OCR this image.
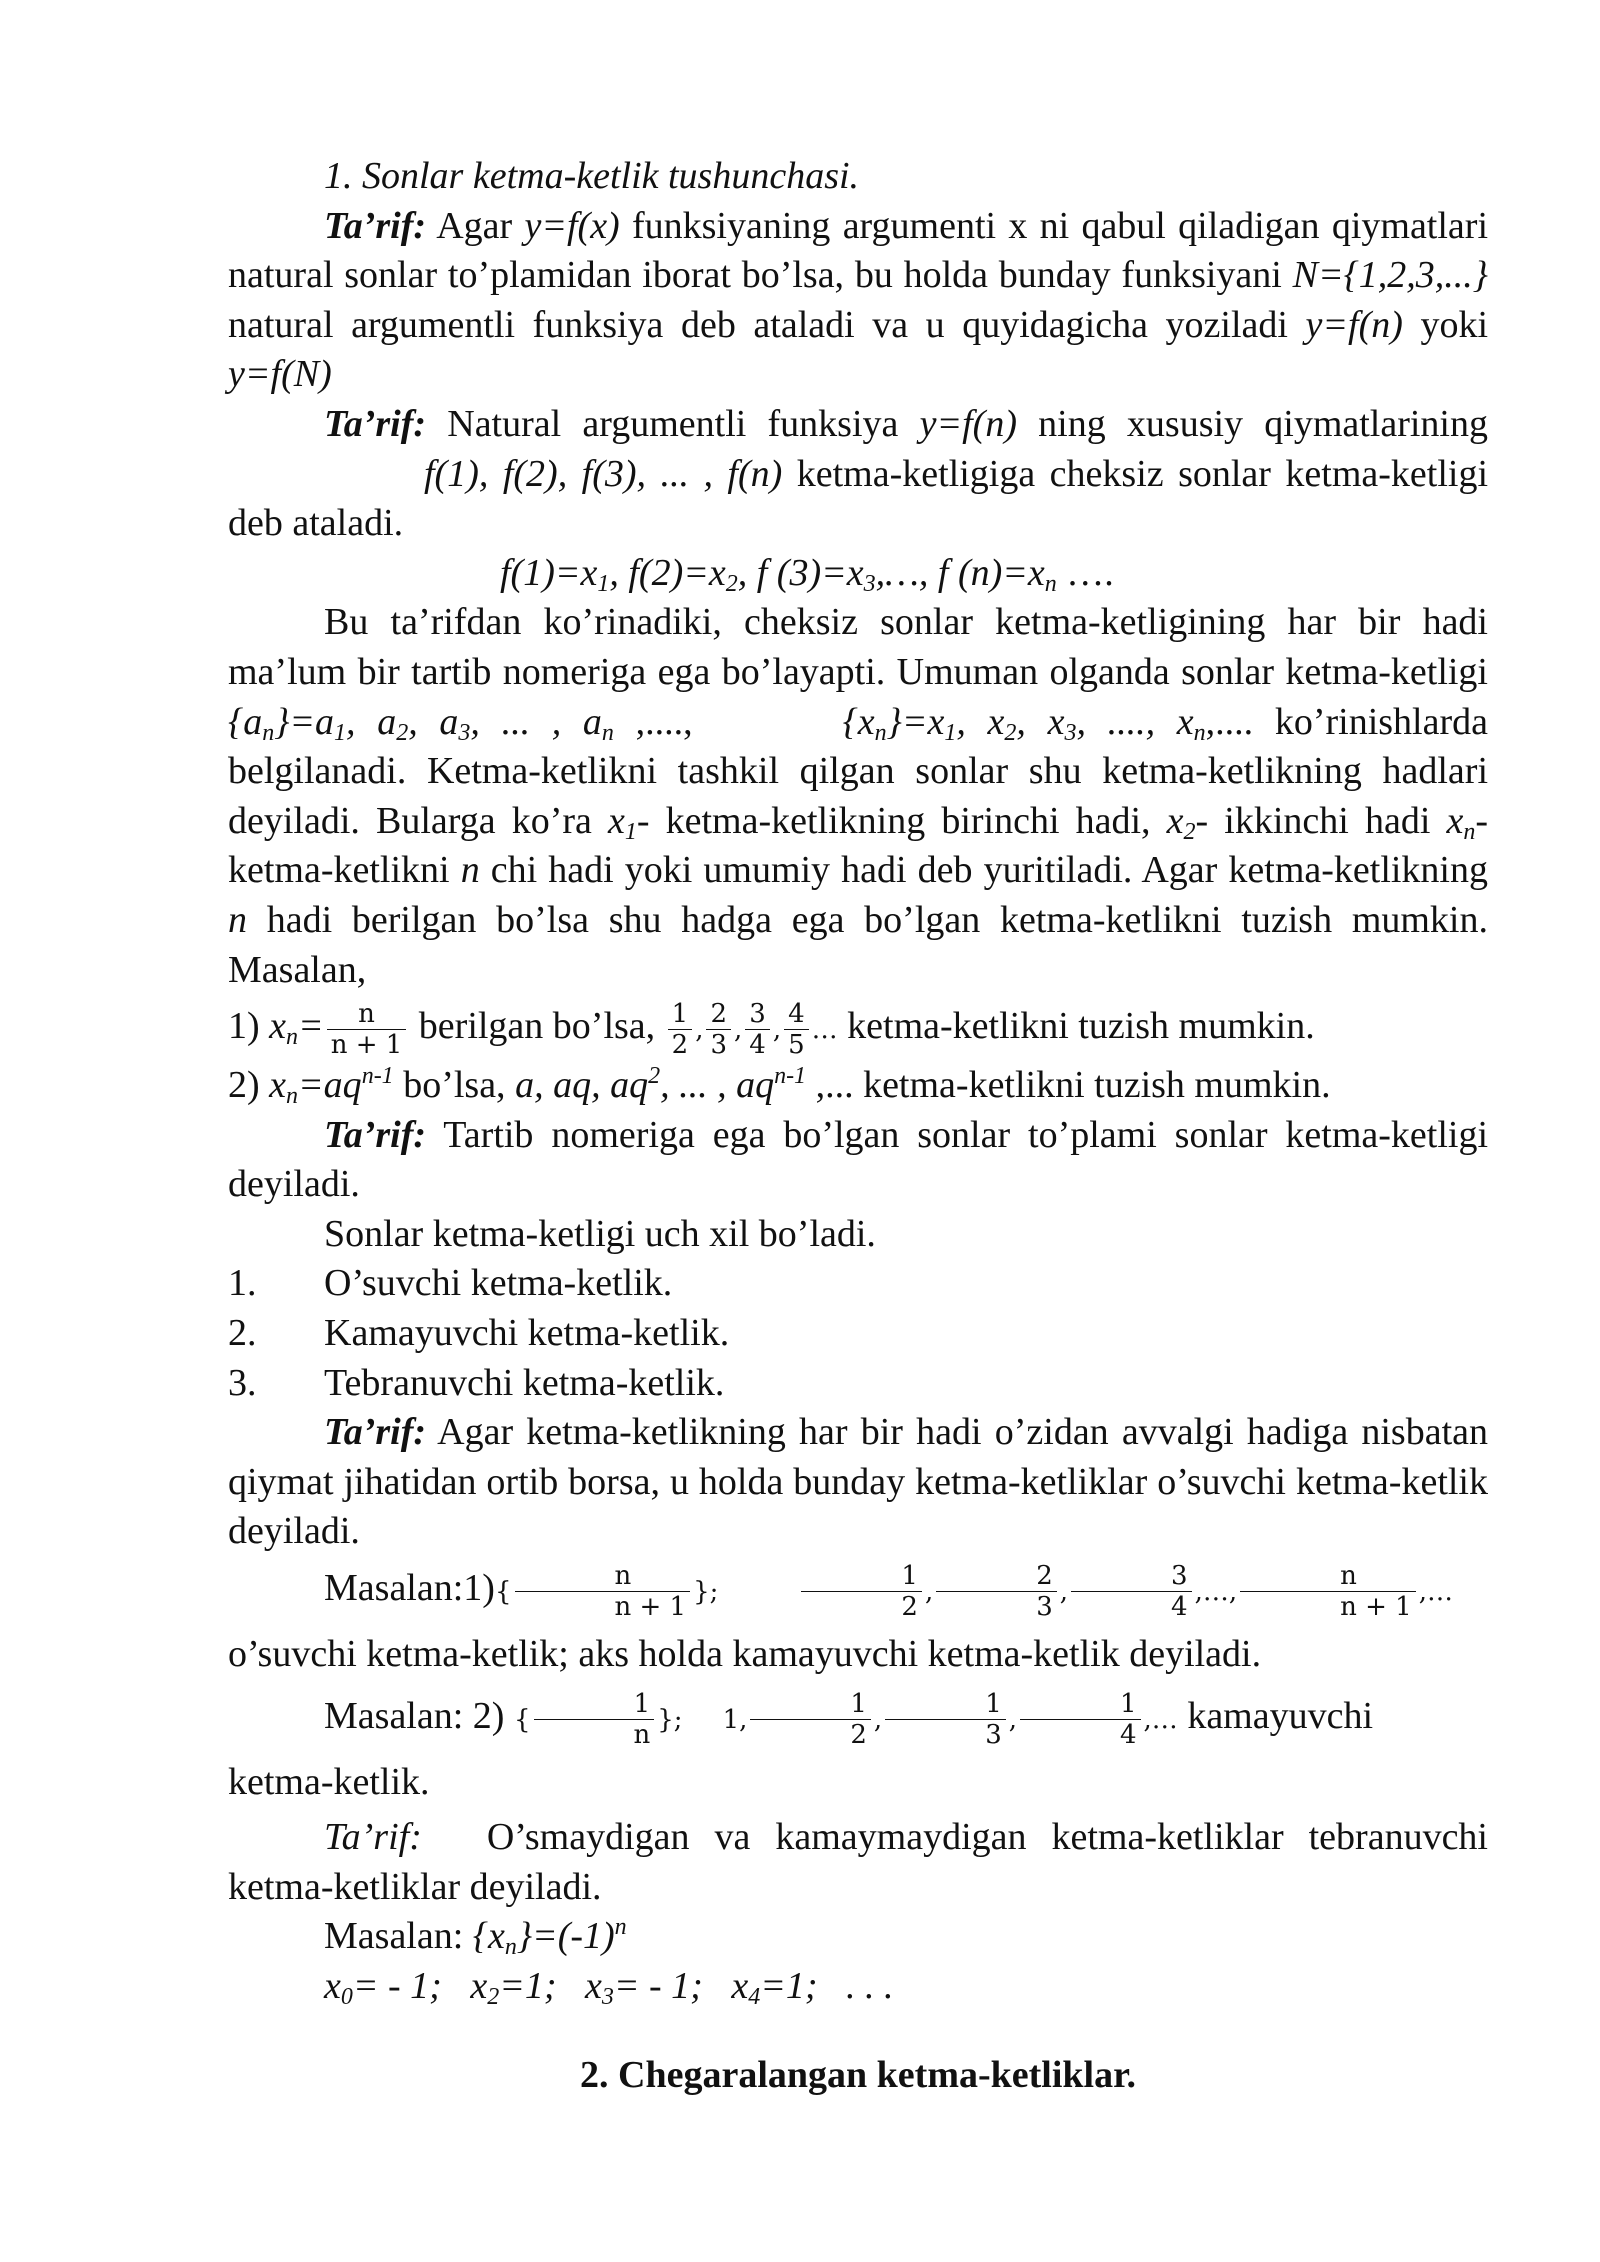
1. Sonlar ketma-ketlik tushunchasi.

Ta’rif: Agar y=f(x) funksiyaning argumenti x ni qabul qiladigan qiymatlari natural sonlar to’plamidan iborat bo’lsa, bu holda bunday funksiyani N={1,2,3,...} natural argumentli funksiya deb ataladi va u quyidagicha yoziladi y=f(n) yoki y=f(N)

Ta’rif: Natural argumentli funksiya y=f(n) ning xususiy qiymatlarining f(1), f(2), f(3), ... , f(n) ketma-ketligiga cheksiz sonlar ketma-ketligi deb ataladi.

$f(1)=x_1$, $f(2)=x_2$, f $(3)=x_3,\dots$, f $(n)=x_n$ ….

Bu ta’rifdan ko’rinadiki, cheksiz sonlar ketma-ketligining har bir hadi ma’lum bir tartib nomeriga ega bo’layapti. Umuman olganda sonlar ketma-ketligi $\{a_n\}=a_1$, $a_2$, $a_3$, ... , $a_n$ ,....,	$\{x_n\}=x_1$, $x_2$, $x_3$, ...., $x_n$,.... ko’rinishlarda belgilanadi. Ketma-ketlikni tashkil qilgan sonlar shu ketma-ketlikning hadlari deyiladi. Bularga ko’ra $x_1-$ ketma-ketlikning birinchi hadi, $x_2-$ ikkinchi hadi $x_n-$ ketma-ketlikni n chi hadi yoki umumiy hadi deb yuritiladi. Agar ketma-ketlikning n hadi berilgan bo’lsa shu hadga ega bo’lgan ketma-ketlikni tuzish mumkin. Masalan,

1) $x_n= \frac{n}{n + 1}$ berilgan bo’lsa, $\frac{1}{2}$ , $\frac{2}{3}$ , $\frac{3}{4}$ , $\frac{4}{5}$ … ketma-ketlikni tuzish mumkin.

2) $x_n=aq^{n-1}$ bo’lsa, a, aq, $aq^2$, ... , $aq^{n-1}$ ,... ketma-ketlikni tuzish mumkin.

Ta’rif: Tartib nomeriga ega bo’lgan sonlar to’plami sonlar ketma-ketligi deyiladi.

Sonlar ketma-ketligi uch xil bo’ladi.

1.	O’suvchi ketma-ketlik.
2.	Kamayuvchi ketma-ketlik.
3.	Tebranuvchi ketma-ketlik.

Ta’rif: Agar ketma-ketlikning har bir hadi o’zidan avvalgi hadiga nisbatan qiymat jihatidan ortib borsa, u holda bunday ketma-ketliklar o’suvchi ketma-ketlik deyiladi.

Masalan:1){ $\frac{n}{n + 1}$ };	$\frac{1}{2}$ , $\frac{2}{3}$ , $\frac{3}{4}$ ,…, $\frac{n}{n + 1}$ ,… o’suvchi ketma-ketlik; aks holda kamayuvchi ketma-ketlik deyiladi.

Masalan: 2) { $\frac{1}{n}$ }; 1, $\frac{1}{2}$ , $\frac{1}{3}$ , $\frac{1}{4}$ ,… kamayuvchi ketma-ketlik.

Ta’rif: O’smaydigan va kamaymaydigan ketma-ketliklar tebranuvchi ketma-ketliklar deyiladi.

Masalan: $\{x_n\}=(-1)^n$

$x_0= - 1$;   $x_2=1$;   $x_3= - 1$;   $x_4=1$;   . . .

2. Chegaralangan ketma-ketliklar.
